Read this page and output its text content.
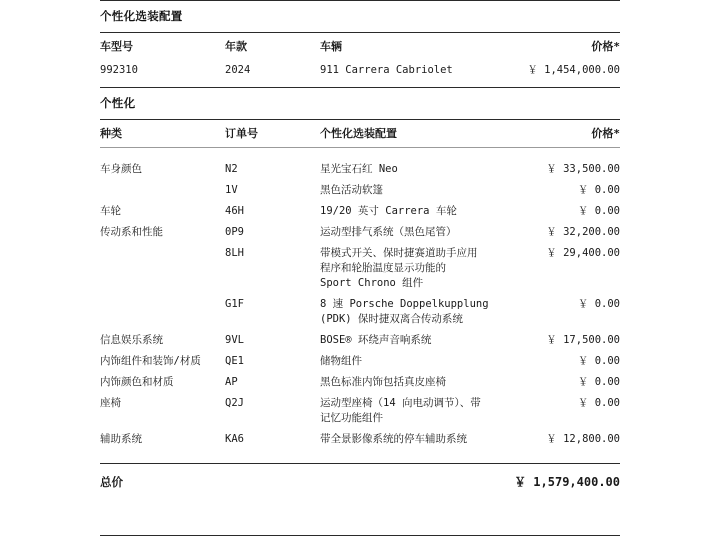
个性化选装配置
车型号	年款	车辆	价格*
992310	2024	911 Carrera Cabriolet	￥ 1,454,000.00
个性化
种类	订单号	个性化选装配置	价格*
车身颜色	N2	星光宝石红 Neo	￥ 33,500.00
	1V	黑色活动软篷	￥ 0.00
车轮	46H	19/20 英寸 Carrera 车轮	￥ 0.00
传动系和性能	0P9	运动型排气系统（黑色尾管）	￥ 32,200.00
	8LH	带模式开关、保时捷赛道助手应用
程序和轮胎温度显示功能的
Sport Chrono 组件	￥ 29,400.00
	G1F	8 速 Porsche Doppelkupplung
(PDK) 保时捷双离合传动系统	￥ 0.00
信息娱乐系统	9VL	BOSE® 环绕声音响系统	￥ 17,500.00
内饰组件和装饰/材质	QE1	储物组件	￥ 0.00
内饰颜色和材质	AP	黑色标准内饰包括真皮座椅	￥ 0.00
座椅	Q2J	运动型座椅（14 向电动调节）、带
记忆功能组件	￥ 0.00
辅助系统	KA6	带全景影像系统的停车辅助系统	￥ 12,800.00
总价	￥ 1,579,400.00
